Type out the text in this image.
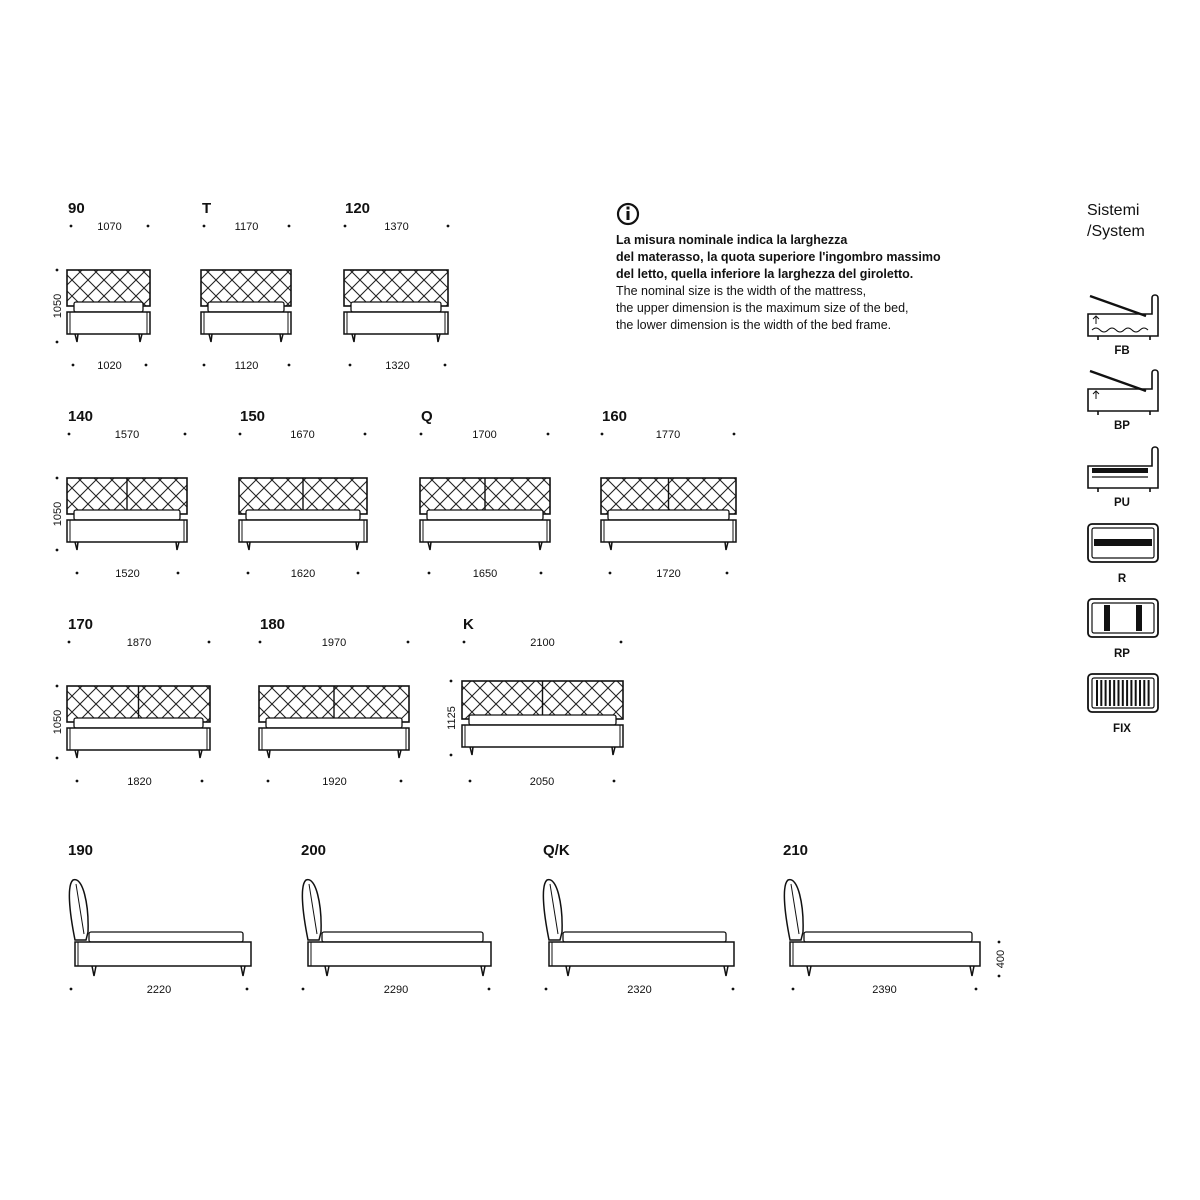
90
1070
1020
1050
T
1170
1120
120
1370
1320
140
1570
1520
1050
150
1670
1620
Q
1700
1650
160
1770
1720
170
1870
1820
1050
180
1970
1920
K
2100
2050
1125
190
2220
200
2290
Q/K
2320
210
2390
400
FB
BP
PU
R
RP
FIX
La misura nominale indica la larghezza
del materasso, la quota superiore l'ingombro massimo
del letto, quella inferiore la larghezza del giroletto.
The nominal size is the width of the mattress,
the upper dimension is the maximum size of the bed,
the lower dimension is the width of the bed frame.
Sistemi
/System
